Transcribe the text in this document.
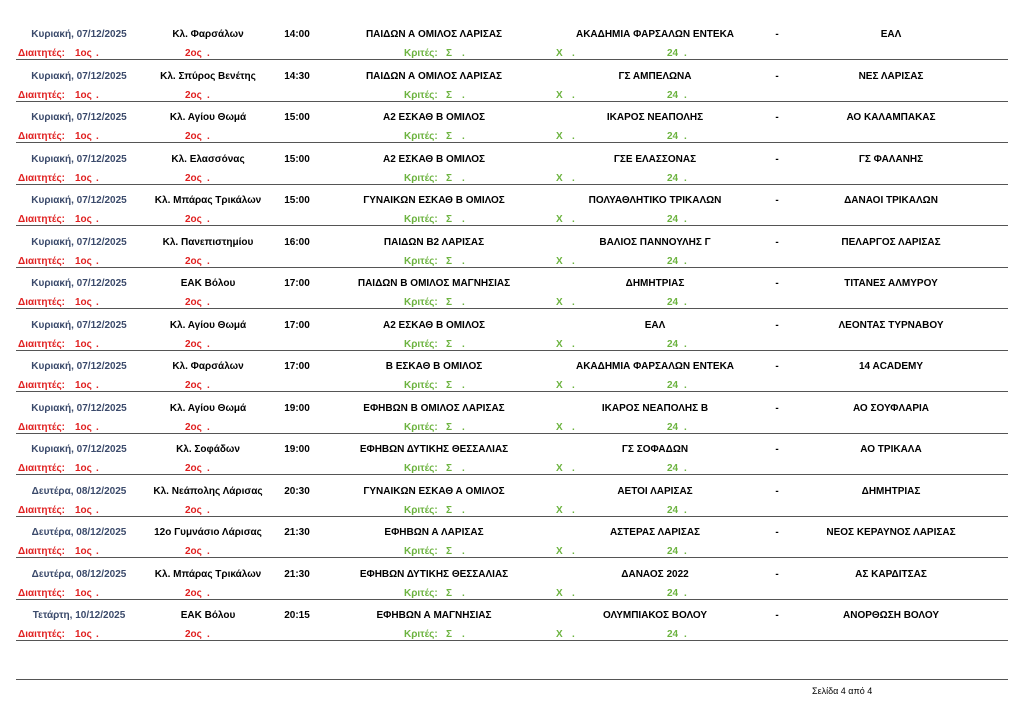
Κυριακή, 07/12/2025	Κλ. Φαρσάλων	14:00	ΠΑΙΔΩΝ Α ΟΜΙΛΟΣ ΛΑΡΙΣΑΣ	ΑΚΑΔΗΜΙΑ ΦΑΡΣΑΛΩΝ ΕΝΤΕΚΑ	-	ΕΑΛ
Διαιτητές: 1ος .	2ος .	Κριτές: Σ .	Χ .	24 .
Κυριακή, 07/12/2025	Κλ. Σπύρος Βενέτης	14:30	ΠΑΙΔΩΝ Α ΟΜΙΛΟΣ ΛΑΡΙΣΑΣ	ΓΣ ΑΜΠΕΛΩΝΑ	-	ΝΕΣ ΛΑΡΙΣΑΣ
Διαιτητές: 1ος .	2ος .	Κριτές: Σ .	Χ .	24 .
Κυριακή, 07/12/2025	Κλ. Αγίου Θωμά	15:00	Α2 ΕΣΚΑΘ Β ΟΜΙΛΟΣ	ΙΚΑΡΟΣ ΝΕΑΠΟΛΗΣ	-	ΑΟ ΚΑΛΑΜΠΑΚΑΣ
Διαιτητές: 1ος .	2ος .	Κριτές: Σ .	Χ .	24 .
Κυριακή, 07/12/2025	Κλ. Ελασσόνας	15:00	Α2 ΕΣΚΑΘ Β ΟΜΙΛΟΣ	ΓΣΕ ΕΛΑΣΣΟΝΑΣ	-	ΓΣ ΦΑΛΑΝΗΣ
Διαιτητές: 1ος .	2ος .	Κριτές: Σ .	Χ .	24 .
Κυριακή, 07/12/2025	Κλ. Μπάρας Τρικάλων 15:00	ΓΥΝΑΙΚΩΝ ΕΣΚΑΘ Β ΟΜΙΛΟΣ	ΠΟΛΥΑΘΛΗΤΙΚΟ ΤΡΙΚΑΛΩΝ	-	ΔΑΝΑΟΙ ΤΡΙΚΑΛΩΝ
Διαιτητές: 1ος .	2ος .	Κριτές: Σ .	Χ .	24 .
Κυριακή, 07/12/2025	Κλ. Πανεπιστημίου	16:00	ΠΑΙΔΩΝ Β2 ΛΑΡΙΣΑΣ	ΒΑΛΙΟΣ ΠΑΝΝΟΥΛΗΣ Γ	-	ΠΕΛΑΡΓΟΣ ΛΑΡΙΣΑΣ
Διαιτητές: 1ος .	2ος .	Κριτές: Σ .	Χ .	24 .
Κυριακή, 07/12/2025	ΕΑΚ Βόλου	17:00	ΠΑΙΔΩΝ Β ΟΜΙΛΟΣ ΜΑΓΝΗΣΙΑΣ	ΔΗΜΗΤΡΙΑΣ	-	ΤΙΤΑΝΕΣ ΑΛΜΥΡΟΥ
Διαιτητές: 1ος .	2ος .	Κριτές: Σ .	Χ .	24 .
Κυριακή, 07/12/2025	Κλ. Αγίου Θωμά	17:00	Α2 ΕΣΚΑΘ Β ΟΜΙΛΟΣ	ΕΑΛ	-	ΛΕΟΝΤΑΣ ΤΥΡΝΑΒΟΥ
Διαιτητές: 1ος .	2ος .	Κριτές: Σ .	Χ .	24 .
Κυριακή, 07/12/2025	Κλ. Φαρσάλων	17:00	Β ΕΣΚΑΘ Β ΟΜΙΛΟΣ	ΑΚΑΔΗΜΙΑ ΦΑΡΣΑΛΩΝ ΕΝΤΕΚΑ	-	14 ACADEMY
Διαιτητές: 1ος .	2ος .	Κριτές: Σ .	Χ .	24 .
Κυριακή, 07/12/2025	Κλ. Αγίου Θωμά	19:00	ΕΦΗΒΩΝ Β ΟΜΙΛΟΣ ΛΑΡΙΣΑΣ	ΙΚΑΡΟΣ ΝΕΑΠΟΛΗΣ Β	-	ΑΟ ΣΟΥΦΛΑΡΙΑ
Διαιτητές: 1ος .	2ος .	Κριτές: Σ .	Χ .	24 .
Κυριακή, 07/12/2025	Κλ. Σοφάδων	19:00	ΕΦΗΒΩΝ ΔΥΤΙΚΗΣ ΘΕΣΣΑΛΙΑΣ	ΓΣ ΣΟΦΑΔΩΝ	-	ΑΟ ΤΡΙΚΑΛΑ
Διαιτητές: 1ος .	2ος .	Κριτές: Σ .	Χ .	24 .
Δευτέρα, 08/12/2025	Κλ. Νεάπολης Λάρισας 20:30	ΓΥΝΑΙΚΩΝ ΕΣΚΑΘ Α ΟΜΙΛΟΣ	ΑΕΤΟΙ ΛΑΡΙΣΑΣ	-	ΔΗΜΗΤΡΙΑΣ
Διαιτητές: 1ος .	2ος .	Κριτές: Σ .	Χ .	24 .
Δευτέρα, 08/12/2025	12ο Γυμνάσιο Λάρισας 21:30	ΕΦΗΒΩΝ Α ΛΑΡΙΣΑΣ	ΑΣΤΕΡΑΣ ΛΑΡΙΣΑΣ	-	ΝΕΟΣ ΚΕΡΑΥΝΟΣ ΛΑΡΙΣΑΣ
Διαιτητές: 1ος .	2ος .	Κριτές: Σ .	Χ .	24 .
Δευτέρα, 08/12/2025	Κλ. Μπάρας Τρικάλων 21:30	ΕΦΗΒΩΝ ΔΥΤΙΚΗΣ ΘΕΣΣΑΛΙΑΣ	ΔΑΝΑΟΣ 2022	-	ΑΣ ΚΑΡΔΙΤΣΑΣ
Διαιτητές: 1ος .	2ος .	Κριτές: Σ .	Χ .	24 .
Τετάρτη, 10/12/2025	ΕΑΚ Βόλου	20:15	ΕΦΗΒΩΝ Α ΜΑΓΝΗΣΙΑΣ	ΟΛΥΜΠΙΑΚΟΣ ΒΟΛΟΥ	-	ΑΝΟΡΘΩΣΗ ΒΟΛΟΥ
Διαιτητές: 1ος .	2ος .	Κριτές: Σ .	Χ .	24 .
Σελίδα 4 από 4
